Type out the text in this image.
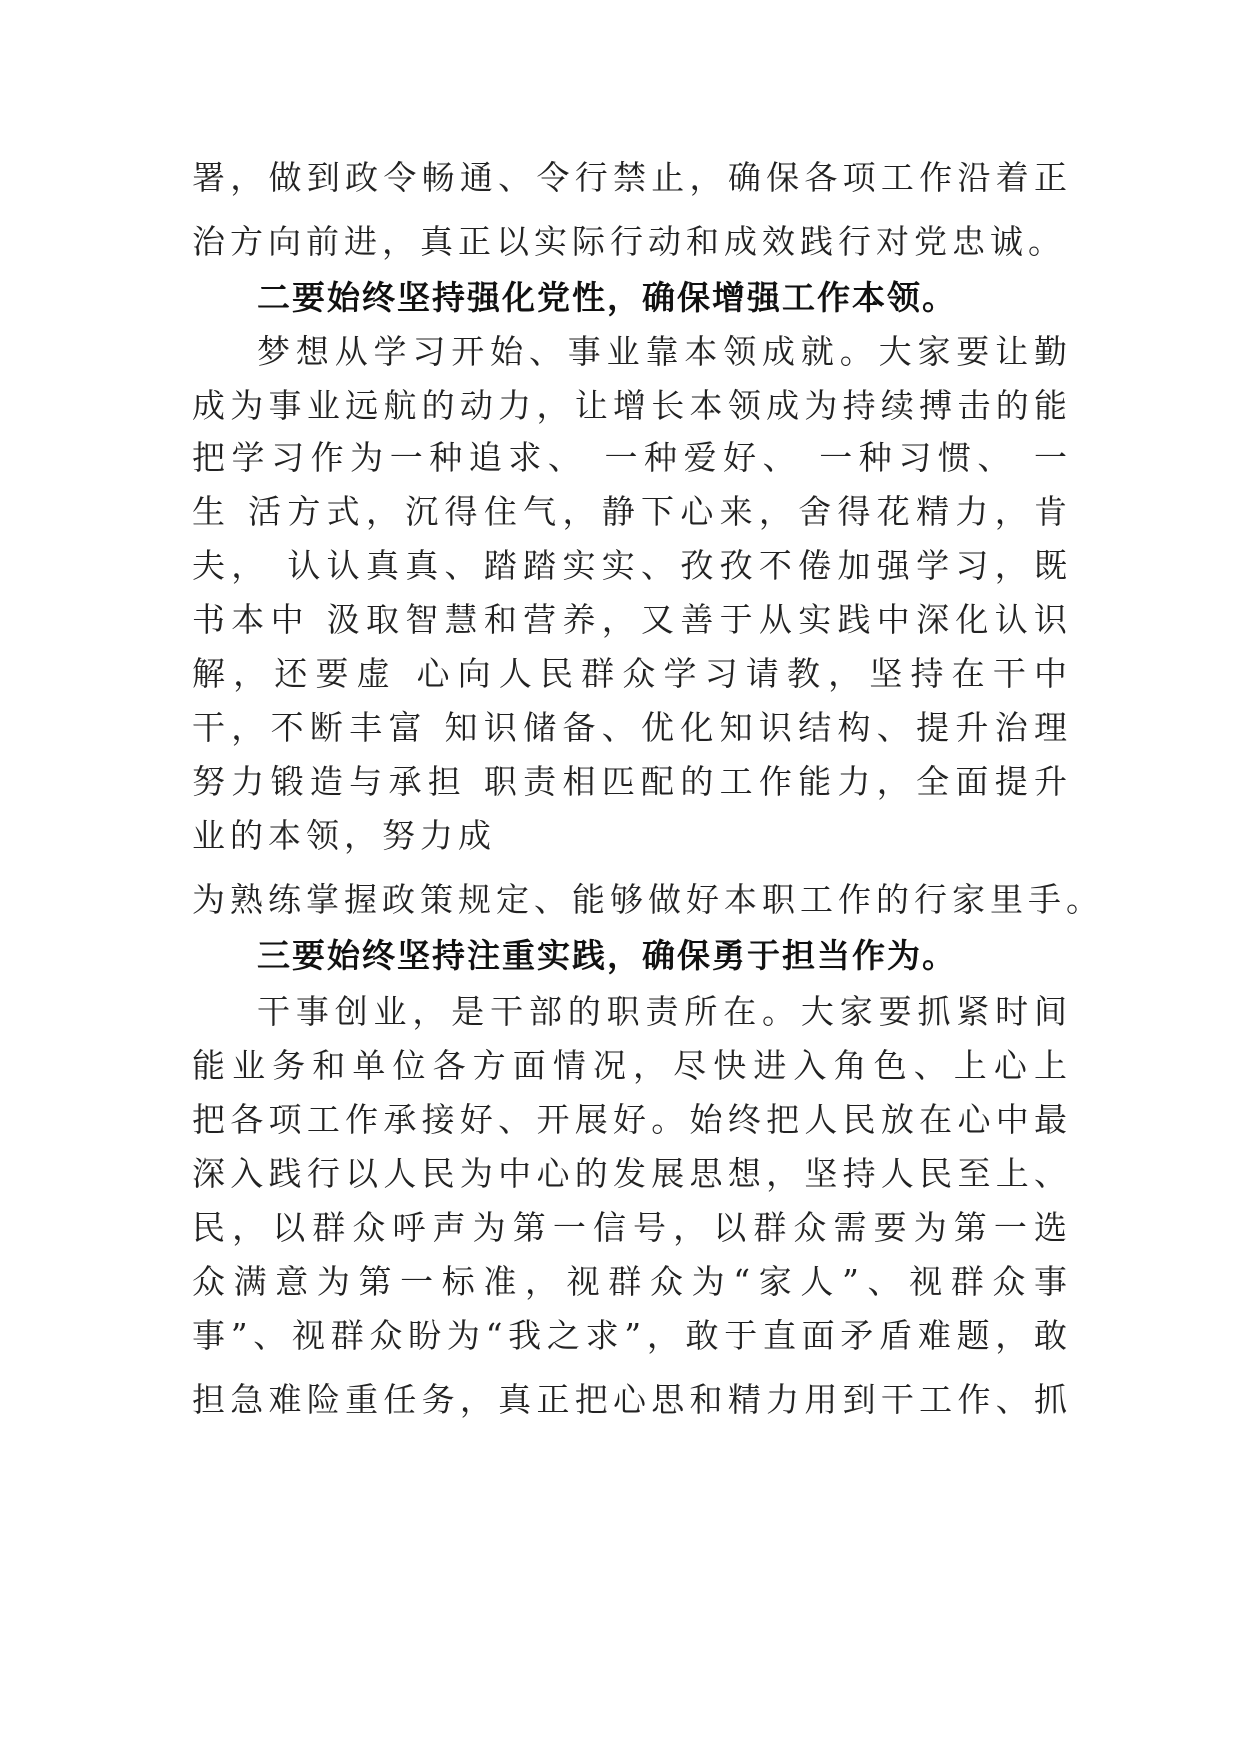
署，做到政令畅通、令行禁止，确保各项工作沿着正
治方向前进，真正以实际行动和成效践行对党忠诚。
二要始终坚持强化党性，确保增强工作本领。
梦想从学习开始、事业靠本领成就。大家要让勤
成为事业远航的动力，让增长本领成为持续搏击的能
把学习作为一种追求、 一种爱好、 一种习惯、 一
生 活方式，沉得住气，静下心来，舍得花精力，肯
夫， 认认真真、踏踏实实、孜孜不倦加强学习，既
书本中 汲取智慧和营养，又善于从实践中深化认识
解，还要虚 心向人民群众学习请教，坚持在干中
干，不断丰富 知识储备、优化知识结构、提升治理
努力锻造与承担 职责相匹配的工作能力，全面提升
业的本领，努力成
为熟练掌握政策规定、能够做好本职工作的行家里手。
三要始终坚持注重实践，确保勇于担当作为。
干事创业，是干部的职责所在。大家要抓紧时间
能业务和单位各方面情况，尽快进入角色、上心上
把各项工作承接好、开展好。始终把人民放在心中最
深入践行以人民为中心的发展思想，坚持人民至上、
民，以群众呼声为第一信号，以群众需要为第一选
众满意为第一标准，视群众为“家人”、视群众事
事”、视群众盼为“我之求”，敢于直面矛盾难题，敢
担急难险重任务，真正把心思和精力用到干工作、抓
